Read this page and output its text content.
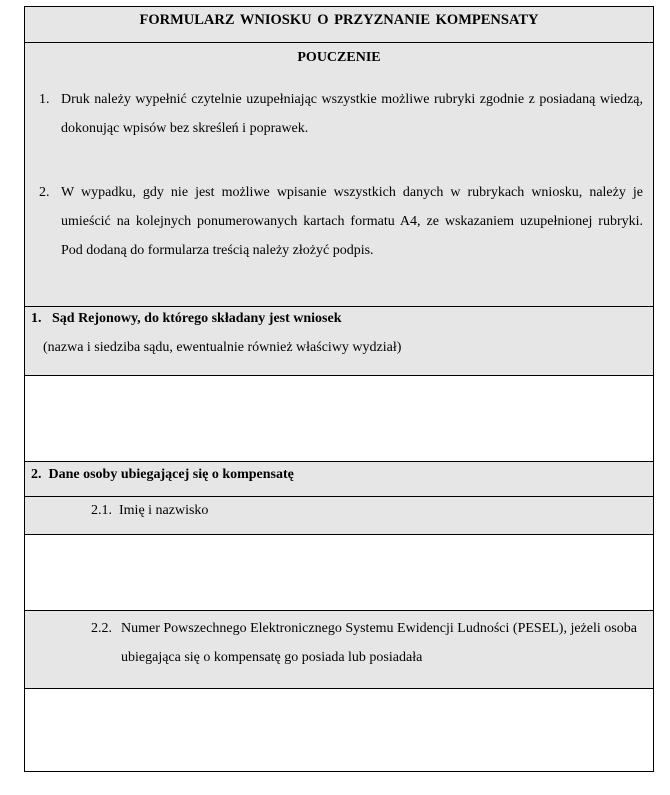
FORMULARZ WNIOSKU O PRZYZNANIE KOMPENSATY
POUCZENIE
1. Druk należy wypełnić czytelnie uzupełniając wszystkie możliwe rubryki zgodnie z posiadaną wiedzą, dokonując wpisów bez skreśleń i poprawek.
2. W wypadku, gdy nie jest możliwe wpisanie wszystkich danych w rubrykach wniosku, należy je umieścić na kolejnych ponumerowanych kartach formatu A4, ze wskazaniem uzupełnionej rubryki. Pod dodaną do formularza treścią należy złożyć podpis.
1.   Sąd Rejonowy, do którego składany jest wniosek
(nazwa i siedziba sądu, ewentualnie również właściwy wydział)
2.  Dane osoby ubiegającej się o kompensatę
2.1. Imię i nazwisko
2.2. Numer Powszechnego Elektronicznego Systemu Ewidencji Ludności (PESEL), jeżeli osoba ubiegająca się o kompensatę go posiada lub posiadała
